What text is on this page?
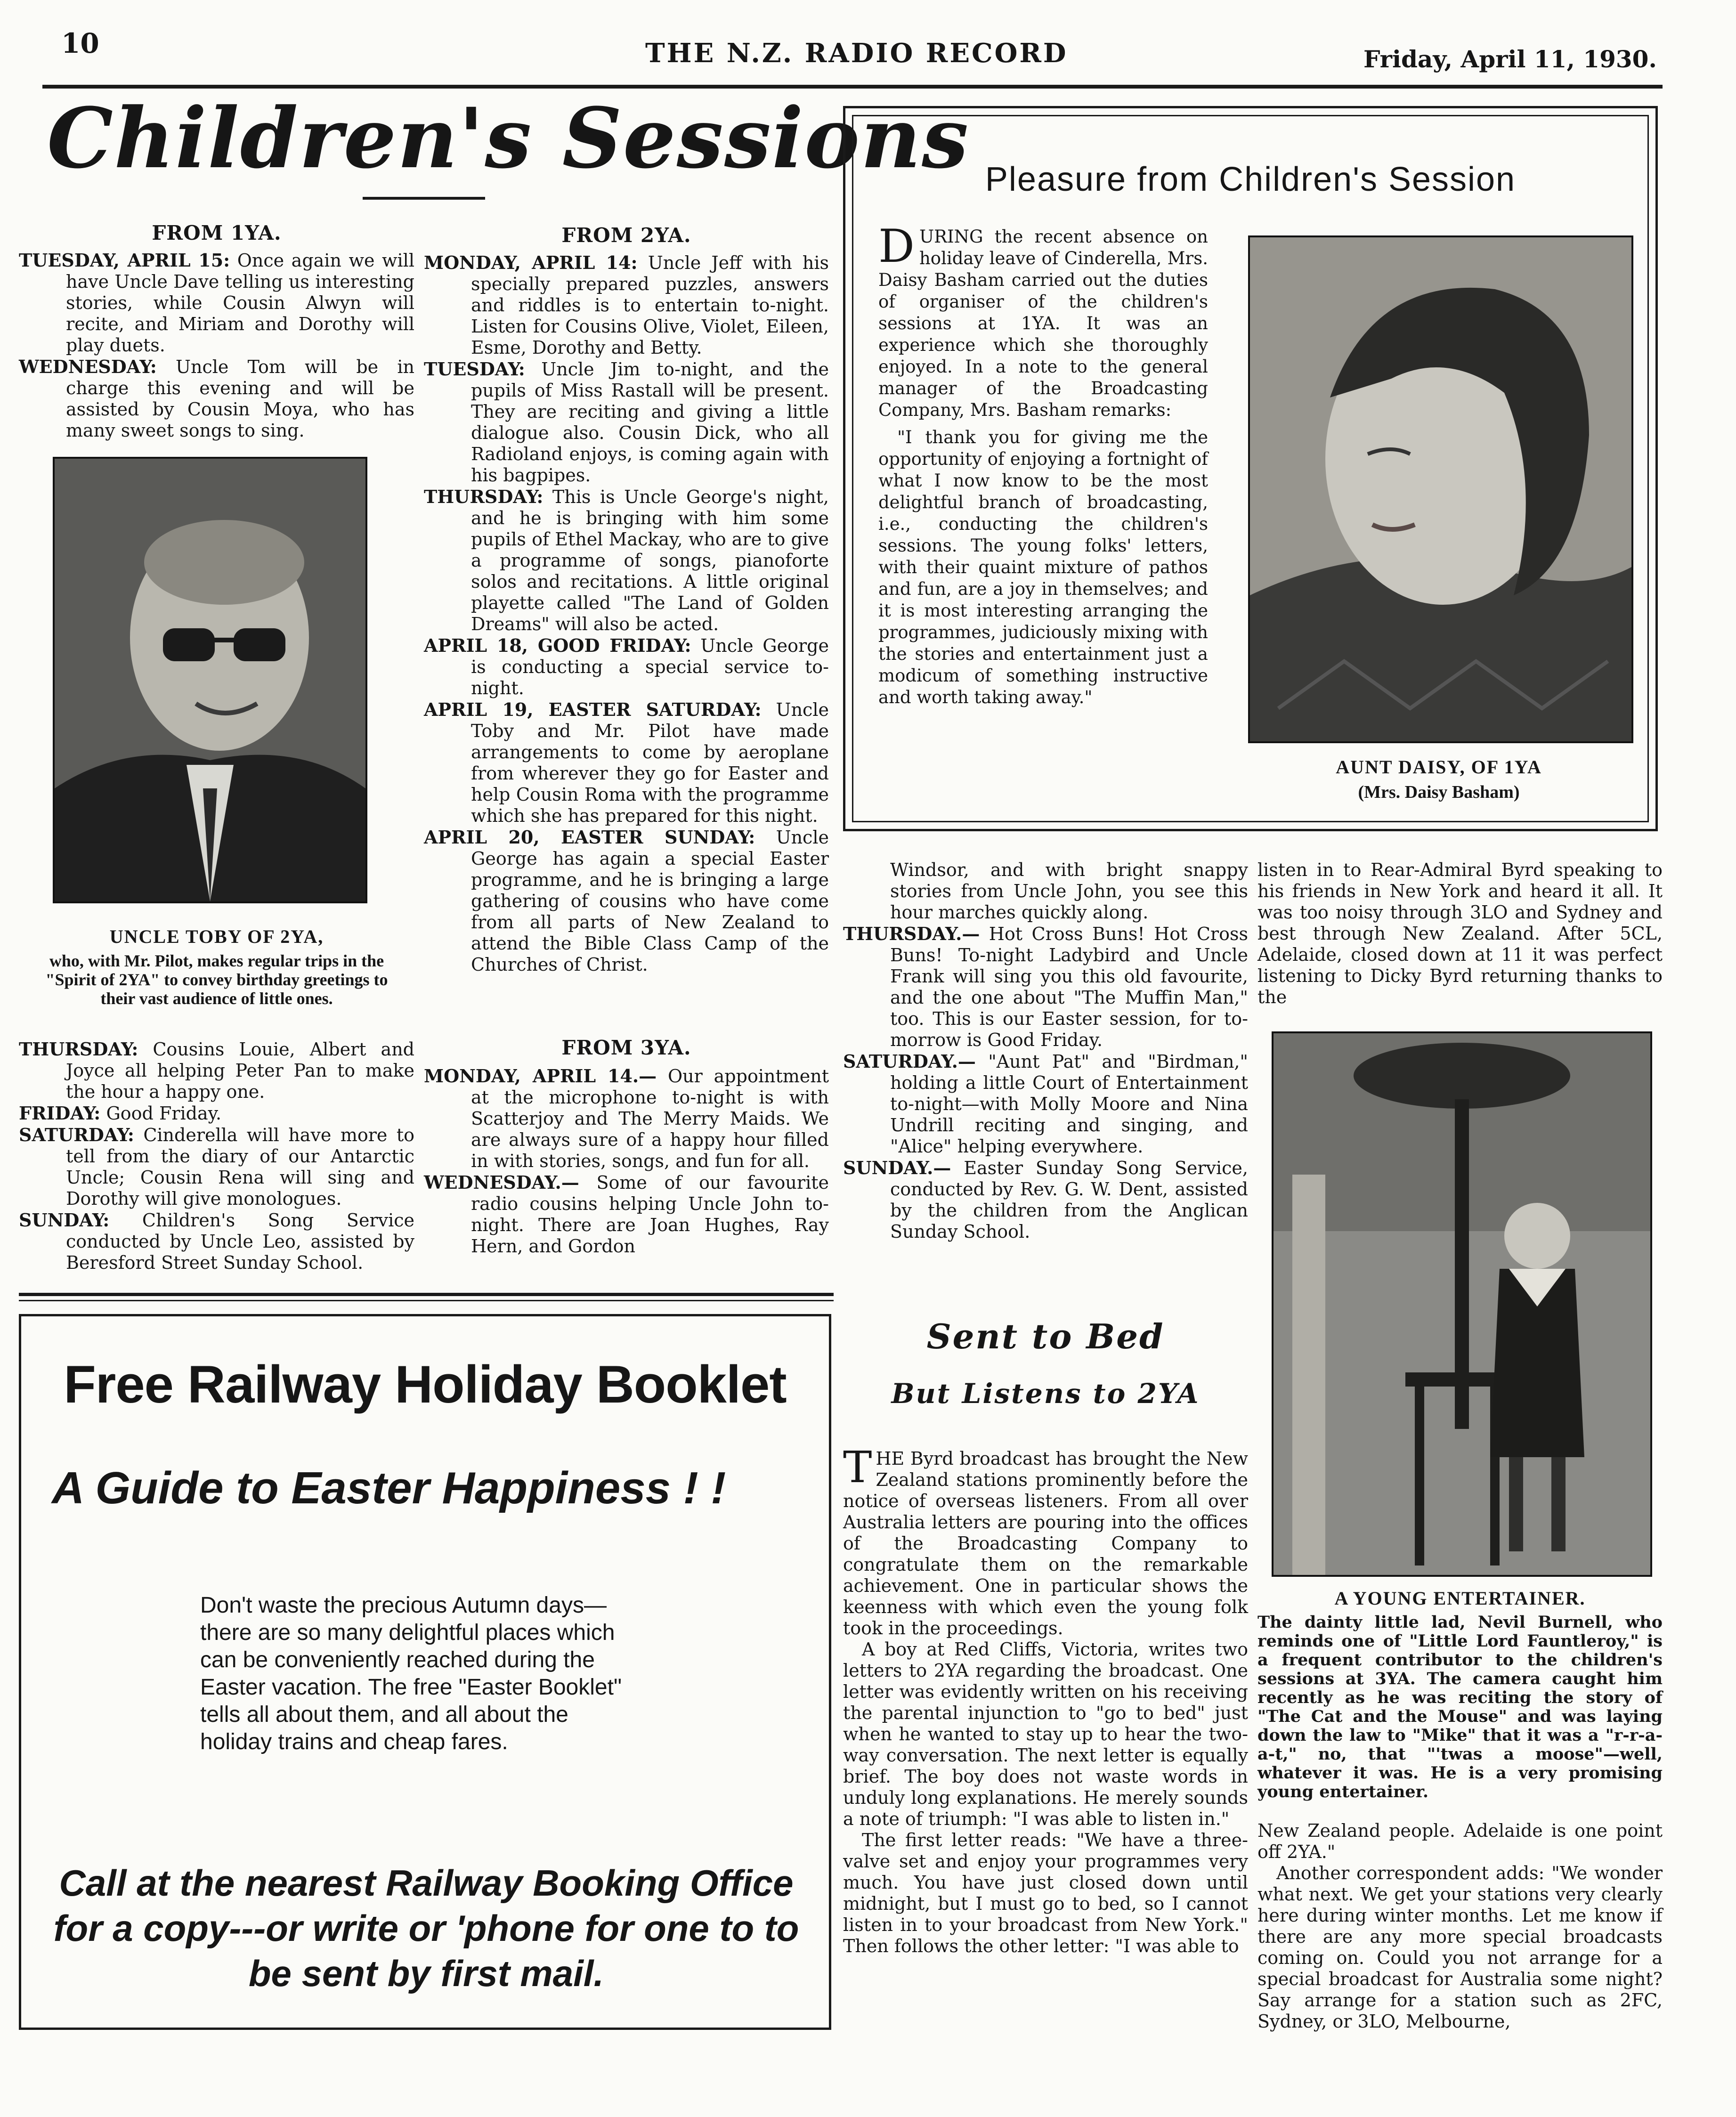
10	THE N.Z. RADIO RECORD	Friday, April 11, 1930.
Children's Sessions
FROM 1YA.

TUESDAY, APRIL 15: Once again we will have Uncle Dave telling us interesting stories, while Cousin Alwyn will recite, and Miriam and Dorothy will play duets.

WEDNESDAY: Uncle Tom will be in charge this evening and will be assisted by Cousin Moya, who has many sweet songs to sing.

UNCLE TOBY OF 2YA,
who, with Mr. Pilot, makes regular trips in the "Spirit of 2YA" to convey birthday greetings to their vast audience of little ones.

THURSDAY: Cousins Louie, Albert and Joyce all helping Peter Pan to make the hour a happy one.

FRIDAY: Good Friday.

SATURDAY: Cinderella will have more to tell from the diary of our Antarctic Uncle; Cousin Rena will sing and Dorothy will give monologues.

SUNDAY: Children's Song Service conducted by Uncle Leo, assisted by Beresford Street Sunday School.

FROM 2YA.

MONDAY, APRIL 14: Uncle Jeff with his specially prepared puzzles, answers and riddles is to entertain to-night. Listen for Cousins Olive, Violet, Eileen, Esme, Dorothy and Betty.

TUESDAY: Uncle Jim to-night, and the pupils of Miss Rastall will be present. They are reciting and giving a little dialogue also. Cousin Dick, who all Radioland enjoys, is coming again with his bagpipes.

THURSDAY: This is Uncle George's night, and he is bringing with him some pupils of Ethel Mackay, who are to give a programme of songs, pianoforte solos and recitations. A little original playette called "The Land of Golden Dreams" will also be acted.

APRIL 18, GOOD FRIDAY: Uncle George is conducting a special service to-night.

APRIL 19, EASTER SATURDAY: Uncle Toby and Mr. Pilot have made arrangements to come by aeroplane from wherever they go for Easter and help Cousin Roma with the programme which she has prepared for this night.

APRIL 20, EASTER SUNDAY: Uncle George has again a special Easter programme, and he is bringing a large gathering of cousins who have come from all parts of New Zealand to attend the Bible Class Camp of the Churches of Christ.

FROM 3YA.

MONDAY, APRIL 14.— Our appointment at the microphone to-night is with Scatterjoy and The Merry Maids. We are always sure of a happy hour filled in with stories, songs, and fun for all.

WEDNESDAY.— Some of our favourite radio cousins helping Uncle John to-night. There are Joan Hughes, Ray Hern, and Gordon

Windsor, and with bright snappy stories from Uncle John, you see this hour marches quickly along.

THURSDAY.— Hot Cross Buns! Hot Cross Buns! To-night Ladybird and Uncle Frank will sing you this old favourite, and the one about "The Muffin Man," too. This is our Easter session, for to-morrow is Good Friday.

SATURDAY.— "Aunt Pat" and "Birdman," holding a little Court of Entertainment to-night—with Molly Moore and Nina Undrill reciting and singing, and "Alice" helping everywhere.

SUNDAY.— Easter Sunday Song Service, conducted by Rev. G. W. Dent, assisted by the children from the Anglican Sunday School.

Pleasure from Children's Session

DURING the recent absence on holiday leave of Cinderella, Mrs. Daisy Basham carried out the duties of organiser of the children's sessions at 1YA. It was an experience which she thoroughly enjoyed. In a note to the general manager of the Broadcasting Company, Mrs. Basham remarks:

"I thank you for giving me the opportunity of enjoying a fortnight of what I now know to be the most delightful branch of broadcasting, i.e., conducting the children's sessions. The young folks' letters, with their quaint mixture of pathos and fun, are a joy in themselves; and it is most interesting arranging the programmes, judiciously mixing with the stories and entertainment just a modicum of something instructive and worth taking away."

AUNT DAISY, OF 1YA
(Mrs. Daisy Basham)
Free Railway Holiday Booklet
A Guide to Easter Happiness ! !
Don't waste the precious Autumn days—there are so many delightful places which can be conveniently reached during the Easter vacation. The free "Easter Booklet" tells all about them, and all about the holiday trains and cheap fares.
Call at the nearest Railway Booking Office for a copy---or write or 'phone for one to to be sent by first mail.
Sent to Bed
But Listens to 2YA

THE Byrd broadcast has brought the New Zealand stations prominently before the notice of overseas listeners. From all over Australia letters are pouring into the offices of the Broadcasting Company to congratulate them on the remarkable achievement. One in particular shows the keenness with which even the young folk took in the proceedings.

A boy at Red Cliffs, Victoria, writes two letters to 2YA regarding the broadcast. One letter was evidently written on his receiving the parental injunction to "go to bed" just when he wanted to stay up to hear the two-way conversation. The next letter is equally brief. The boy does not waste words in unduly long explanations. He merely sounds a note of triumph: "I was able to listen in."

The first letter reads: "We have a three-valve set and enjoy your programmes very much. You have just closed down until midnight, but I must go to bed, so I cannot listen in to your broadcast from New York." Then follows the other letter: "I was able to

listen in to Rear-Admiral Byrd speaking to his friends in New York and heard it all. It was too noisy through 3LO and Sydney and best through New Zealand. After 5CL, Adelaide, closed down at 11 it was perfect listening to Dicky Byrd returning thanks to the
A YOUNG ENTERTAINER.
The dainty little lad, Nevil Burnell, who reminds one of "Little Lord Fauntleroy," is a frequent contributor to the children's sessions at 3YA. The camera caught him recently as he was reciting the story of "The Cat and the Mouse" and was laying down the law to "Mike" that it was a "r-r-a-a-t," no, that "'twas a moose"—well, whatever it was. He is a very promising young entertainer.

New Zealand people. Adelaide is one point off 2YA."

Another correspondent adds: "We wonder what next. We get your stations very clearly here during winter months. Let me know if there are any more special broadcasts coming on. Could you not arrange for a special broadcast for Australia some night? Say arrange for a station such as 2FC, Sydney, or 3LO, Melbourne,
